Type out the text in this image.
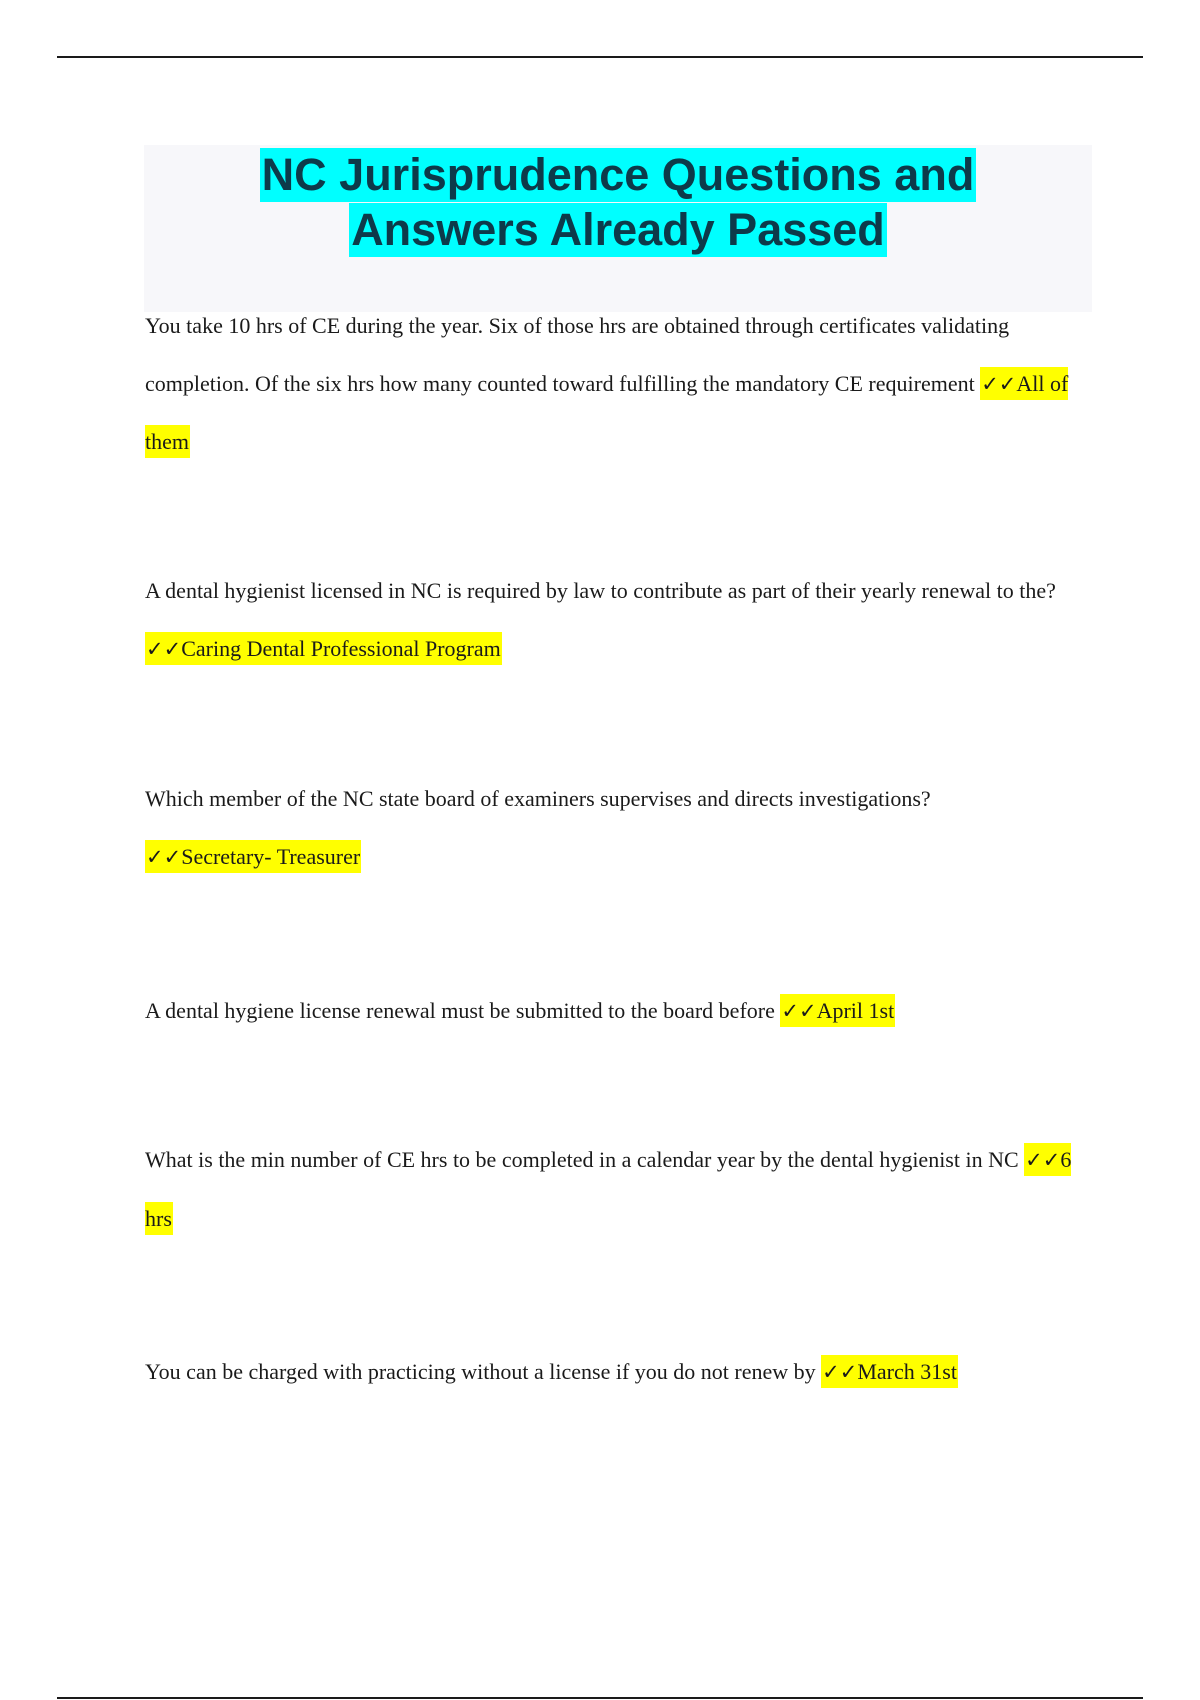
NC Jurisprudence Questions and
Answers Already Passed

You take 10 hrs of CE during the year. Six of those hrs are obtained through certificates validating completion. Of the six hrs how many counted toward fulfilling the mandatory CE requirement ✓✓All of them

A dental hygienist licensed in NC is required by law to contribute as part of their yearly renewal to the? ✓✓Caring Dental Professional Program

Which member of the NC state board of examiners supervises and directs investigations?
✓✓Secretary- Treasurer

A dental hygiene license renewal must be submitted to the board before ✓✓April 1st

What is the min number of CE hrs to be completed in a calendar year by the dental hygienist in NC ✓✓6 hrs

You can be charged with practicing without a license if you do not renew by ✓✓March 31st
